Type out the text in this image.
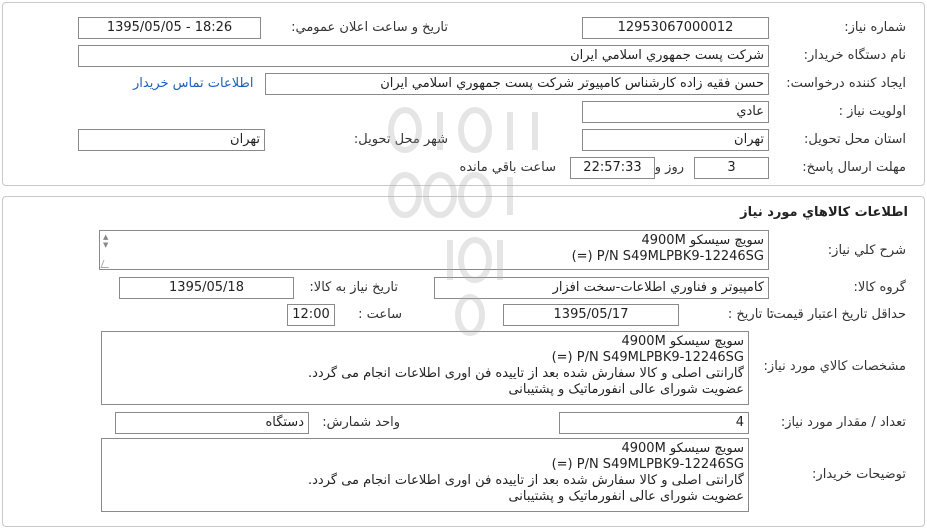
شماره نياز:
12953067000012
تاريخ و ساعت اعلان عمومي:
1395/05/05 - 18:26
نام دستگاه خريدار:
شركت پست جمهوري اسلامي ايران
ايجاد کننده درخواست:
حسن فقيه زاده كارشناس كامپيوتر شركت پست جمهوري اسلامي ايران
اطلاعات تماس خريدار
اولويت نياز :
عادي
استان محل تحويل:
تهران
شهر محل تحويل:
تهران
مهلت ارسال پاسخ:
3
روز و
22:57:33
ساعت باقي مانده
اطلاعات كالاهاي مورد نياز
شرح كلي نياز:
سويچ سيسكو 4900M
P/N S49MLPBK9-12246SG (=)
▲
▼
گروه كالا:
كامپيوتر و فناوري اطلاعات-سخت افزار
تاريخ نياز به كالا:
1395/05/18
حداقل تاريخ اعتبار قيمت:
تا تاريخ :
1395/05/17
ساعت :
12:00
مشخصات كالاي مورد نياز:
سويچ سيسكو 4900M
P/N S49MLPBK9-12246SG (=)
گارانتی اصلی و کالا سفارش شده بعد از تاييده فن اوری اطلاعات انجام می گردد.
عضويت شورای عالی انفورماتيک و پشتيبانی
تعداد / مقدار مورد نياز:
4
واحد شمارش:
دستگاه
توضيحات خريدار:
سويچ سيسكو 4900M
P/N S49MLPBK9-12246SG (=)
گارانتی اصلی و کالا سفارش شده بعد از تاييده فن اوری اطلاعات انجام می گردد.
عضويت شورای عالی انفورماتيک و پشتيبانی
